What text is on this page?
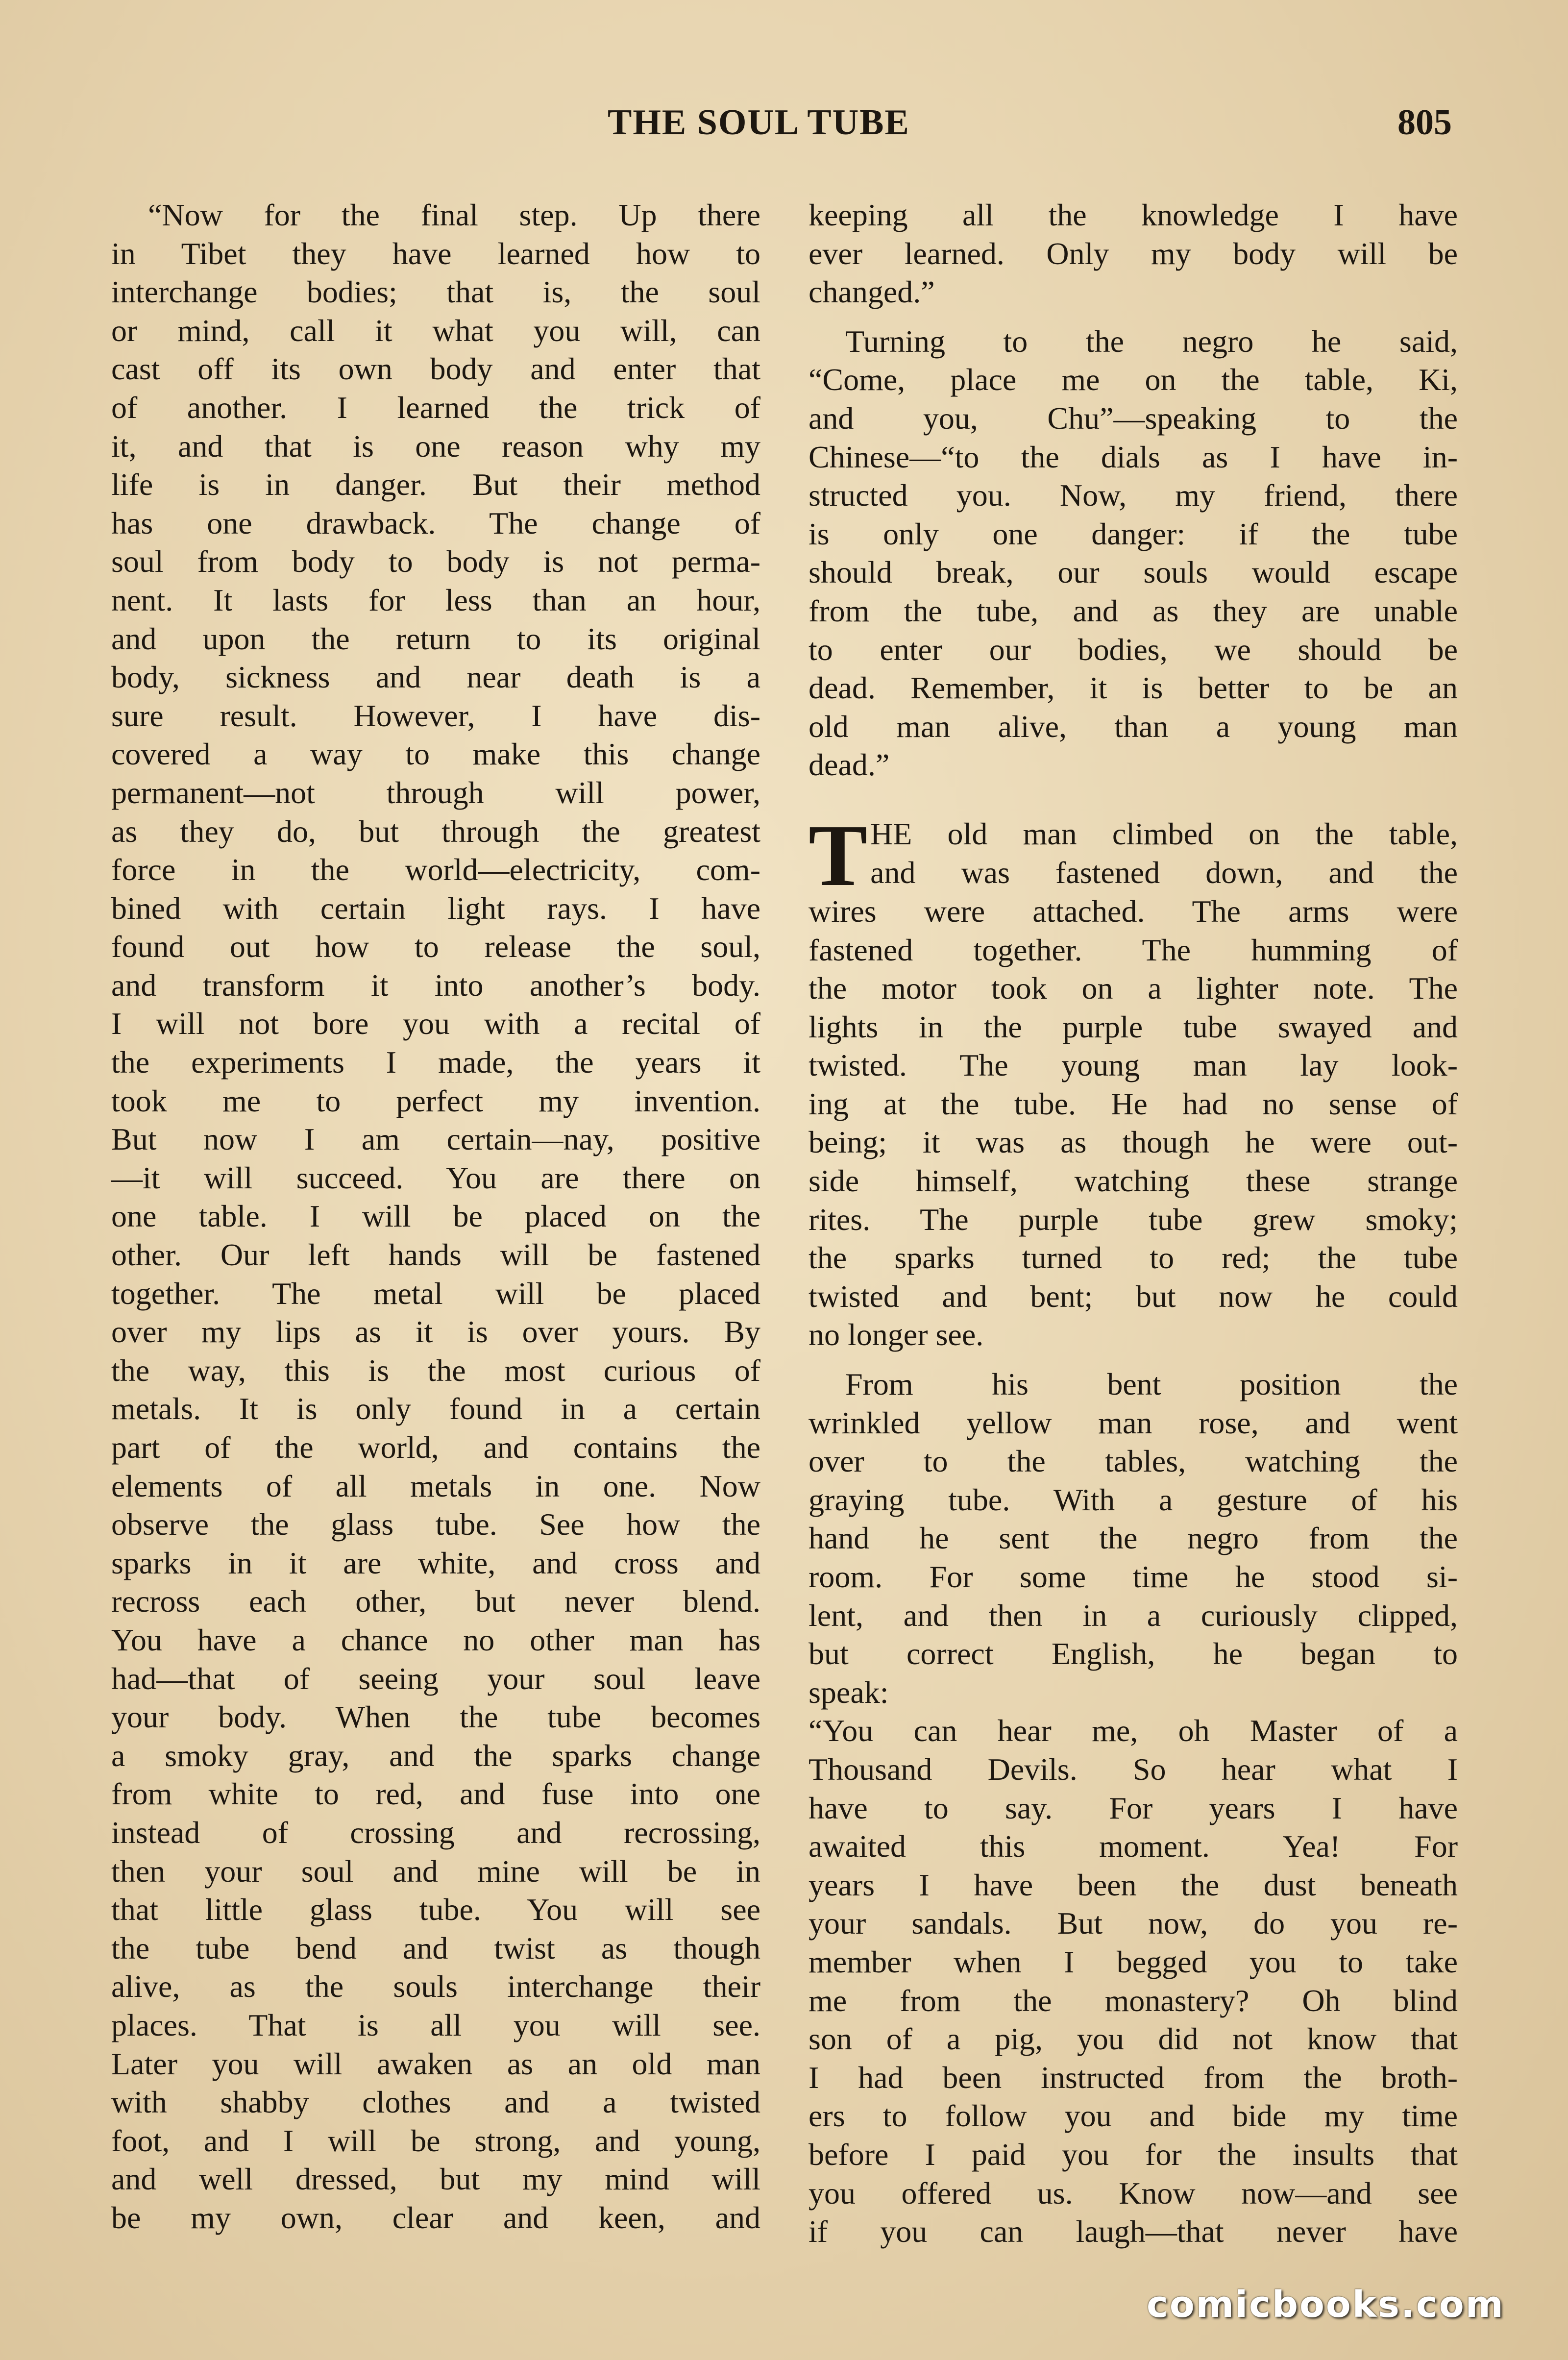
THE SOUL TUBE	805
“Now for the final step. Up there
in Tibet they have learned how to
interchange bodies; that is, the soul
or mind, call it what you will, can
cast off its own body and enter that
of another. I learned the trick of
it, and that is one reason why my
life is in danger. But their method
has one drawback. The change of
soul from body to body is not perma-
nent. It lasts for less than an hour,
and upon the return to its original
body, sickness and near death is a
sure result. However, I have dis-
covered a way to make this change
permanent—not through will power,
as they do, but through the greatest
force in the world—electricity, com-
bined with certain light rays. I have
found out how to release the soul,
and transform it into another’s body.
I will not bore you with a recital of
the experiments I made, the years it
took me to perfect my invention.
But now I am certain—nay, positive
—it will succeed. You are there on
one table. I will be placed on the
other. Our left hands will be fastened
together. The metal will be placed
over my lips as it is over yours. By
the way, this is the most curious of
metals. It is only found in a certain
part of the world, and contains the
elements of all metals in one. Now
observe the glass tube. See how the
sparks in it are white, and cross and
recross each other, but never blend.
You have a chance no other man has
had—that of seeing your soul leave
your body. When the tube becomes
a smoky gray, and the sparks change
from white to red, and fuse into one
instead of crossing and recrossing,
then your soul and mine will be in
that little glass tube. You will see
the tube bend and twist as though
alive, as the souls interchange their
places. That is all you will see.
Later you will awaken as an old man
with shabby clothes and a twisted
foot, and I will be strong, and young,
and well dressed, but my mind will
be my own, clear and keen, and
keeping all the knowledge I have
ever learned. Only my body will be
changed.”
Turning to the negro he said,
“Come, place me on the table, Ki,
and you, Chu”—speaking to the
Chinese—“to the dials as I have in-
structed you. Now, my friend, there
is only one danger: if the tube
should break, our souls would escape
from the tube, and as they are unable
to enter our bodies, we should be
dead. Remember, it is better to be an
old man alive, than a young man
dead.”
T HE old man climbed on the table,
and was fastened down, and the
wires were attached. The arms were
fastened together. The humming of
the motor took on a lighter note. The
lights in the purple tube swayed and
twisted. The young man lay look-
ing at the tube. He had no sense of
being; it was as though he were out-
side himself, watching these strange
rites. The purple tube grew smoky;
the sparks turned to red; the tube
twisted and bent; but now he could
no longer see.
From his bent position the
wrinkled yellow man rose, and went
over to the tables, watching the
graying tube. With a gesture of his
hand he sent the negro from the
room. For some time he stood si-
lent, and then in a curiously clipped,
but correct English, he began to
speak:
“You can hear me, oh Master of a
Thousand Devils. So hear what I
have to say. For years I have
awaited this moment. Yea! For
years I have been the dust beneath
your sandals. But now, do you re-
member when I begged you to take
me from the monastery? Oh blind
son of a pig, you did not know that
I had been instructed from the broth-
ers to follow you and bide my time
before I paid you for the insults that
you offered us. Know now—and see
if you can laugh—that never have
comicbooks.com
